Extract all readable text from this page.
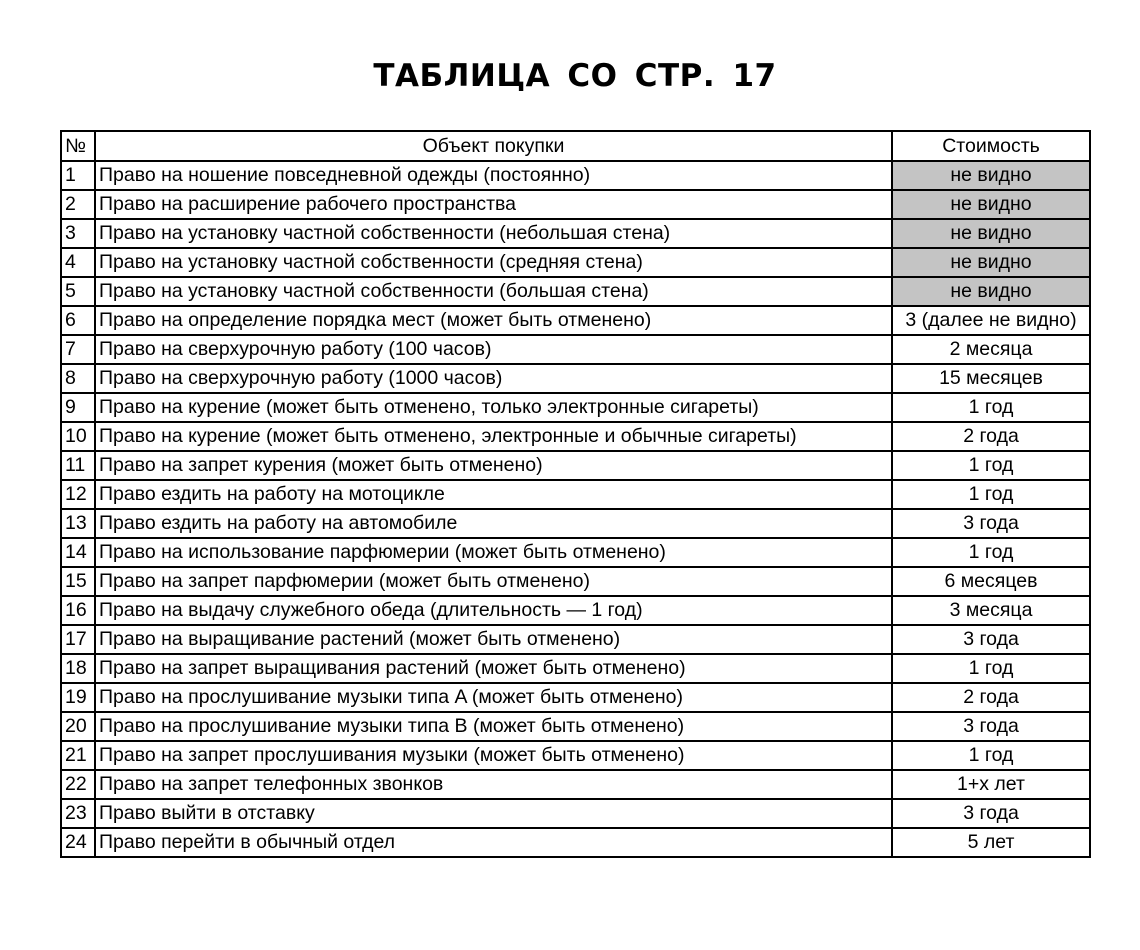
ТАБЛИЦА СО СТР. 17
№	Объект покупки	Стоимость
1	Право на ношение повседневной одежды (постоянно)	не видно
2	Право на расширение рабочего пространства	не видно
3	Право на установку частной собственности (небольшая стена)	не видно
4	Право на установку частной собственности (средняя стена)	не видно
5	Право на установку частной собственности (большая стена)	не видно
6	Право на определение порядка мест (может быть отменено)	3 (далее не видно)
7	Право на сверхурочную работу (100 часов)	2 месяца
8	Право на сверхурочную работу (1000 часов)	15 месяцев
9	Право на курение (может быть отменено, только электронные сигареты)	1 год
10	Право на курение (может быть отменено, электронные и обычные сигареты)	2 года
11	Право на запрет курения (может быть отменено)	1 год
12	Право ездить на работу на мотоцикле	1 год
13	Право ездить на работу на автомобиле	3 года
14	Право на использование парфюмерии (может быть отменено)	1 год
15	Право на запрет парфюмерии (может быть отменено)	6 месяцев
16	Право на выдачу служебного обеда (длительность — 1 год)	3 месяца
17	Право на выращивание растений (может быть отменено)	3 года
18	Право на запрет выращивания растений (может быть отменено)	1 год
19	Право на прослушивание музыки типа A (может быть отменено)	2 года
20	Право на прослушивание музыки типа B (может быть отменено)	3 года
21	Право на запрет прослушивания музыки (может быть отменено)	1 год
22	Право на запрет телефонных звонков	1+x лет
23	Право выйти в отставку	3 года
24	Право перейти в обычный отдел	5 лет
